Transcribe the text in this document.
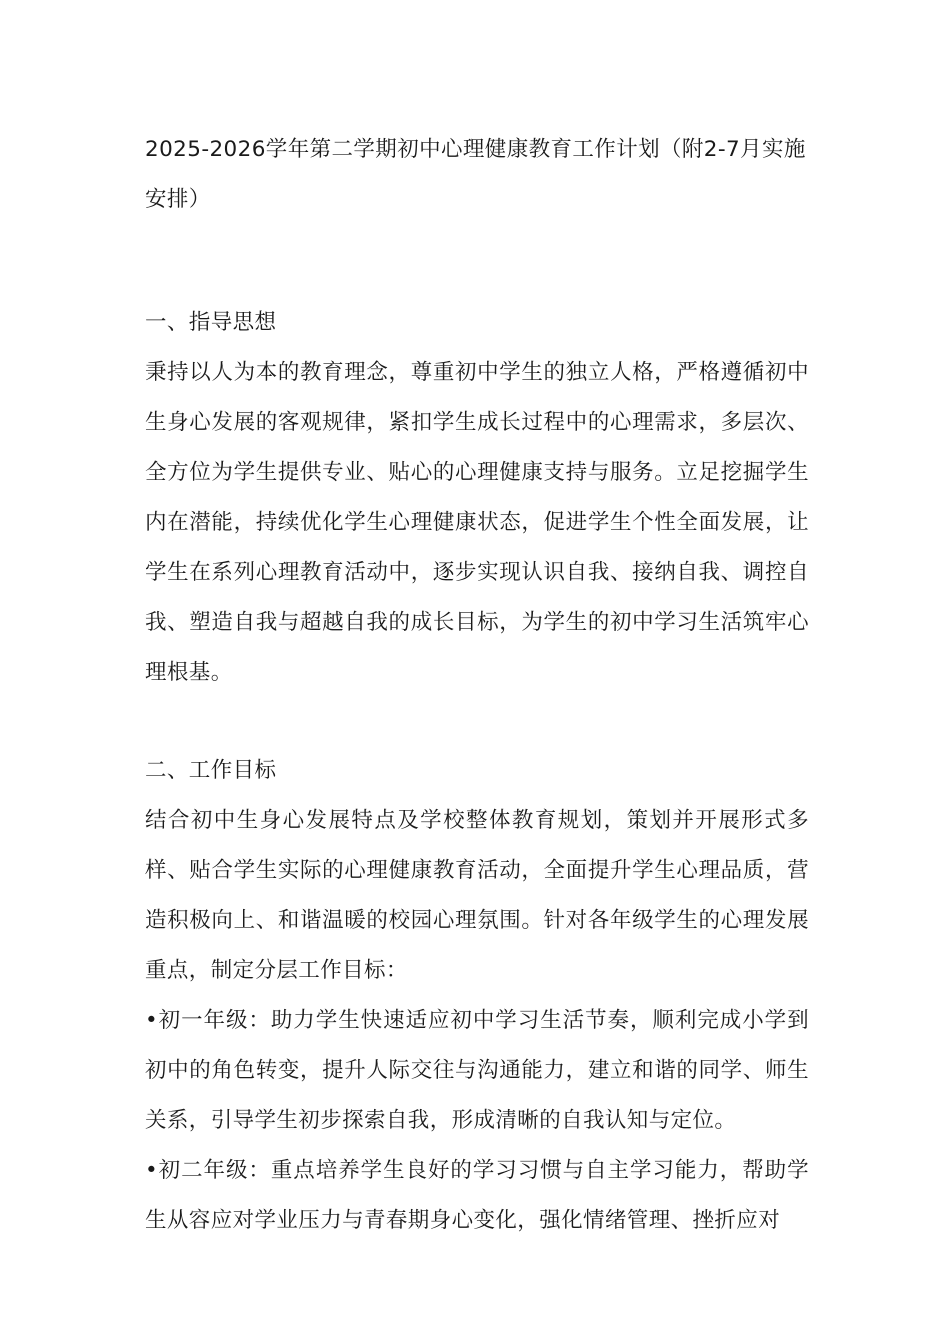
2025-2026学年第二学期初中心理健康教育工作计划（附2-7月实施安排）

一、指导思想

秉持以人为本的教育理念，尊重初中学生的独立人格，严格遵循初中生身心发展的客观规律，紧扣学生成长过程中的心理需求，多层次、全方位为学生提供专业、贴心的心理健康支持与服务。立足挖掘学生内在潜能，持续优化学生心理健康状态，促进学生个性全面发展，让学生在系列心理教育活动中，逐步实现认识自我、接纳自我、调控自我、塑造自我与超越自我的成长目标，为学生的初中学习生活筑牢心理根基。

二、工作目标

结合初中生身心发展特点及学校整体教育规划，策划并开展形式多样、贴合学生实际的心理健康教育活动，全面提升学生心理品质，营造积极向上、和谐温暖的校园心理氛围。针对各年级学生的心理发展重点，制定分层工作目标：

•初一年级：助力学生快速适应初中学习生活节奏，顺利完成小学到初中的角色转变，提升人际交往与沟通能力，建立和谐的同学、师生关系，引导学生初步探索自我，形成清晰的自我认知与定位。

•初二年级：重点培养学生良好的学习习惯与自主学习能力，帮助学生从容应对学业压力与青春期身心变化，强化情绪管理、挫折应对
